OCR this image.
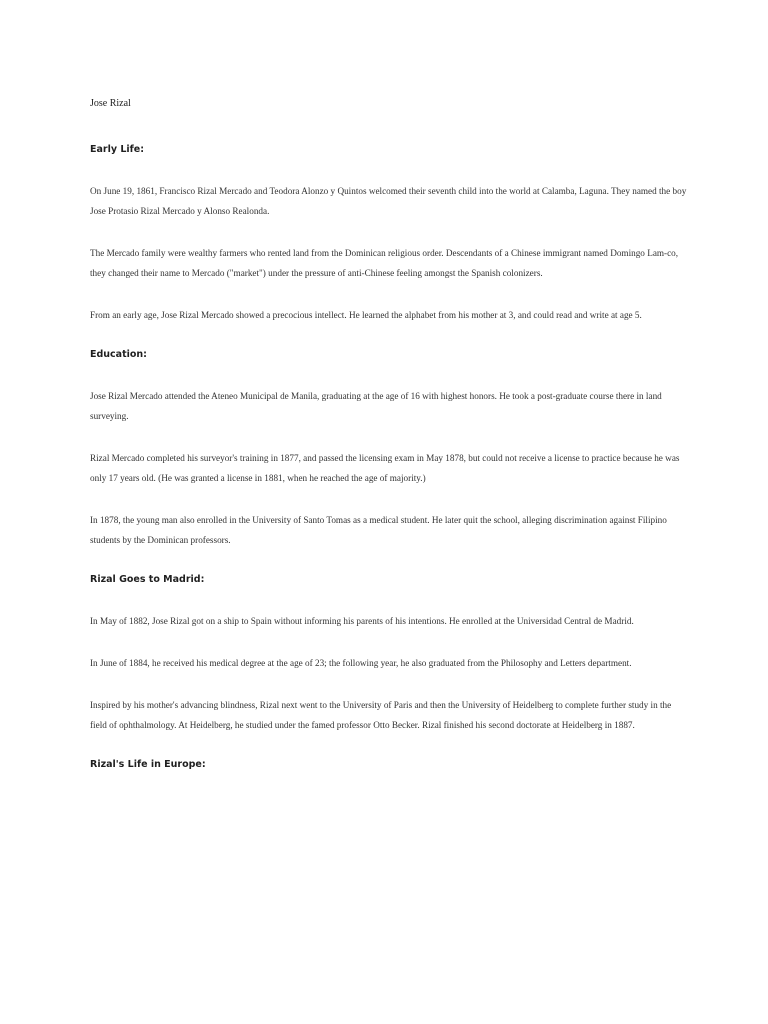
Jose Rizal
Early Life:

On June 19, 1861, Francisco Rizal Mercado and Teodora Alonzo y Quintos welcomed their seventh child into the world at Calamba, Laguna. They named the boy Jose Protasio Rizal Mercado y Alonso Realonda.

The Mercado family were wealthy farmers who rented land from the Dominican religious order. Descendants of a Chinese immigrant named Domingo Lam-co, they changed their name to Mercado ("market") under the pressure of anti-Chinese feeling amongst the Spanish colonizers.

From an early age, Jose Rizal Mercado showed a precocious intellect. He learned the alphabet from his mother at 3, and could read and write at age 5.

Education:

Jose Rizal Mercado attended the Ateneo Municipal de Manila, graduating at the age of 16 with highest honors. He took a post-graduate course there in land surveying.

Rizal Mercado completed his surveyor's training in 1877, and passed the licensing exam in May 1878, but could not receive a license to practice because he was only 17 years old. (He was granted a license in 1881, when he reached the age of majority.)

In 1878, the young man also enrolled in the University of Santo Tomas as a medical student. He later quit the school, alleging discrimination against Filipino students by the Dominican professors.

Rizal Goes to Madrid:

In May of 1882, Jose Rizal got on a ship to Spain without informing his parents of his intentions. He enrolled at the Universidad Central de Madrid.

In June of 1884, he received his medical degree at the age of 23; the following year, he also graduated from the Philosophy and Letters department.

Inspired by his mother's advancing blindness, Rizal next went to the University of Paris and then the University of Heidelberg to complete further study in the field of ophthalmology. At Heidelberg, he studied under the famed professor Otto Becker. Rizal finished his second doctorate at Heidelberg in 1887.

Rizal's Life in Europe:
